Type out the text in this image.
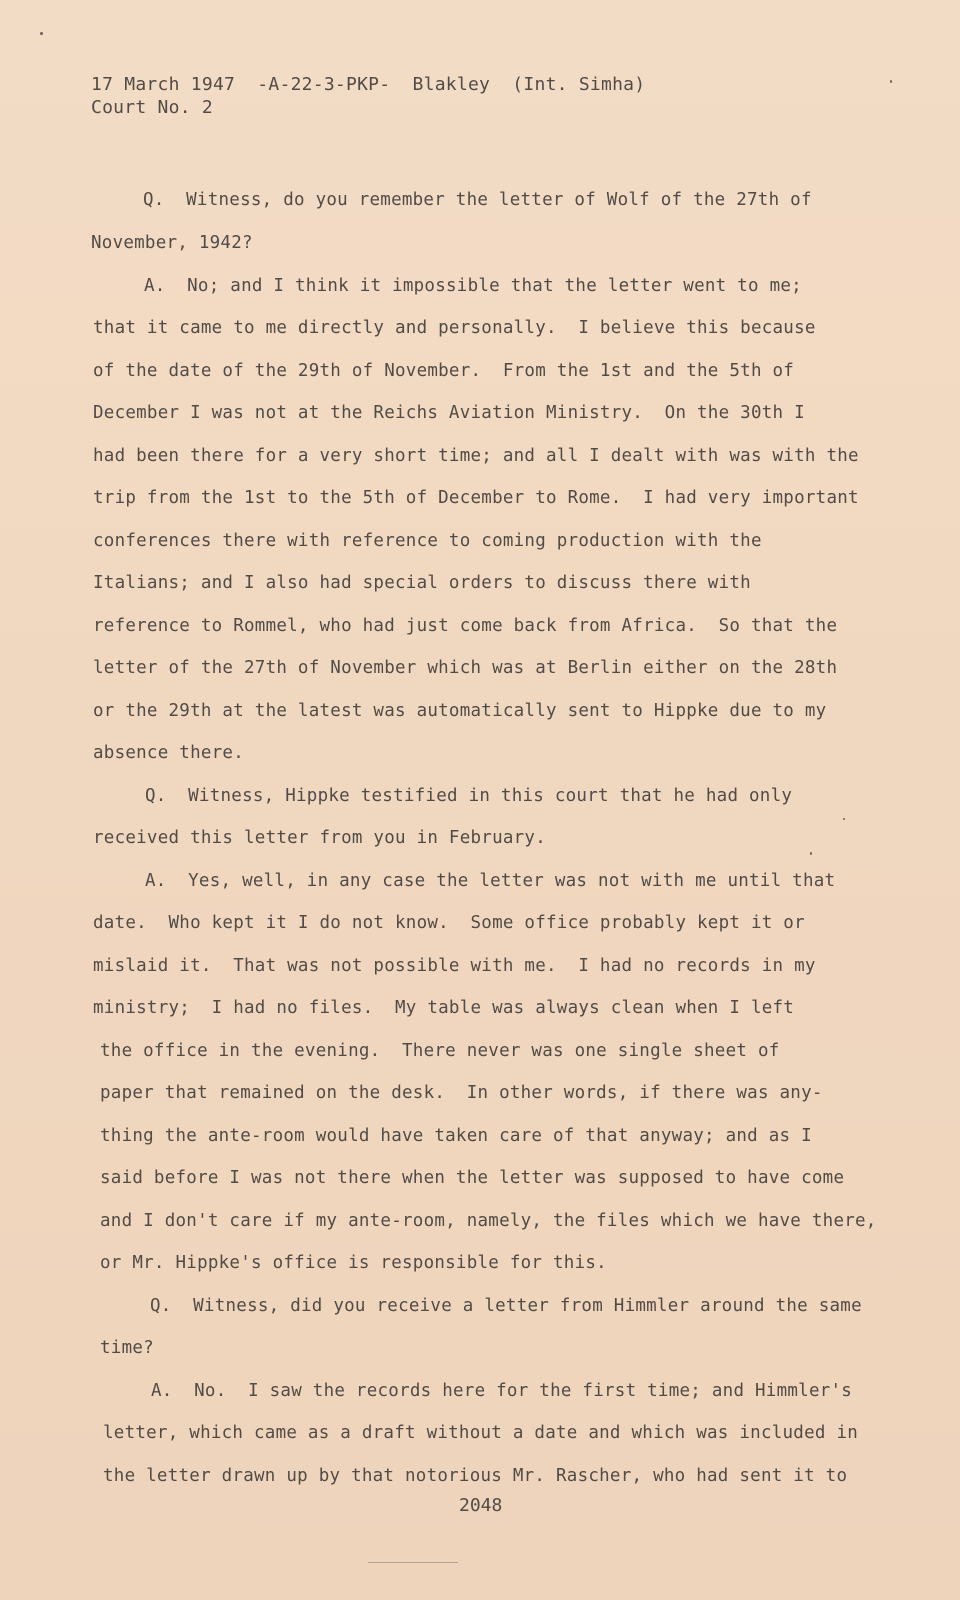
17 March 1947  -A-22-3-PKP-  Blakley  (Int. Simha)
Court No. 2
Q.  Witness, do you remember the letter of Wolf of the 27th of
November, 1942?
A.  No; and I think it impossible that the letter went to me;
that it came to me directly and personally.  I believe this because
of the date of the 29th of November.  From the 1st and the 5th of
December I was not at the Reichs Aviation Ministry.  On the 30th I
had been there for a very short time; and all I dealt with was with the
trip from the 1st to the 5th of December to Rome.  I had very important
conferences there with reference to coming production with the
Italians; and I also had special orders to discuss there with
reference to Rommel, who had just come back from Africa.  So that the
letter of the 27th of November which was at Berlin either on the 28th
or the 29th at the latest was automatically sent to Hippke due to my
absence there.
Q.  Witness, Hippke testified in this court that he had only
received this letter from you in February.
A.  Yes, well, in any case the letter was not with me until that
date.  Who kept it I do not know.  Some office probably kept it or
mislaid it.  That was not possible with me.  I had no records in my
ministry;  I had no files.  My table was always clean when I left
the office in the evening.  There never was one single sheet of
paper that remained on the desk.  In other words, if there was any-
thing the ante-room would have taken care of that anyway; and as I
said before I was not there when the letter was supposed to have come
and I don't care if my ante-room, namely, the files which we have there,
or Mr. Hippke's office is responsible for this.
Q.  Witness, did you receive a letter from Himmler around the same
time?
A.  No.  I saw the records here for the first time; and Himmler's
letter, which came as a draft without a date and which was included in
the letter drawn up by that notorious Mr. Rascher, who had sent it to
2048
